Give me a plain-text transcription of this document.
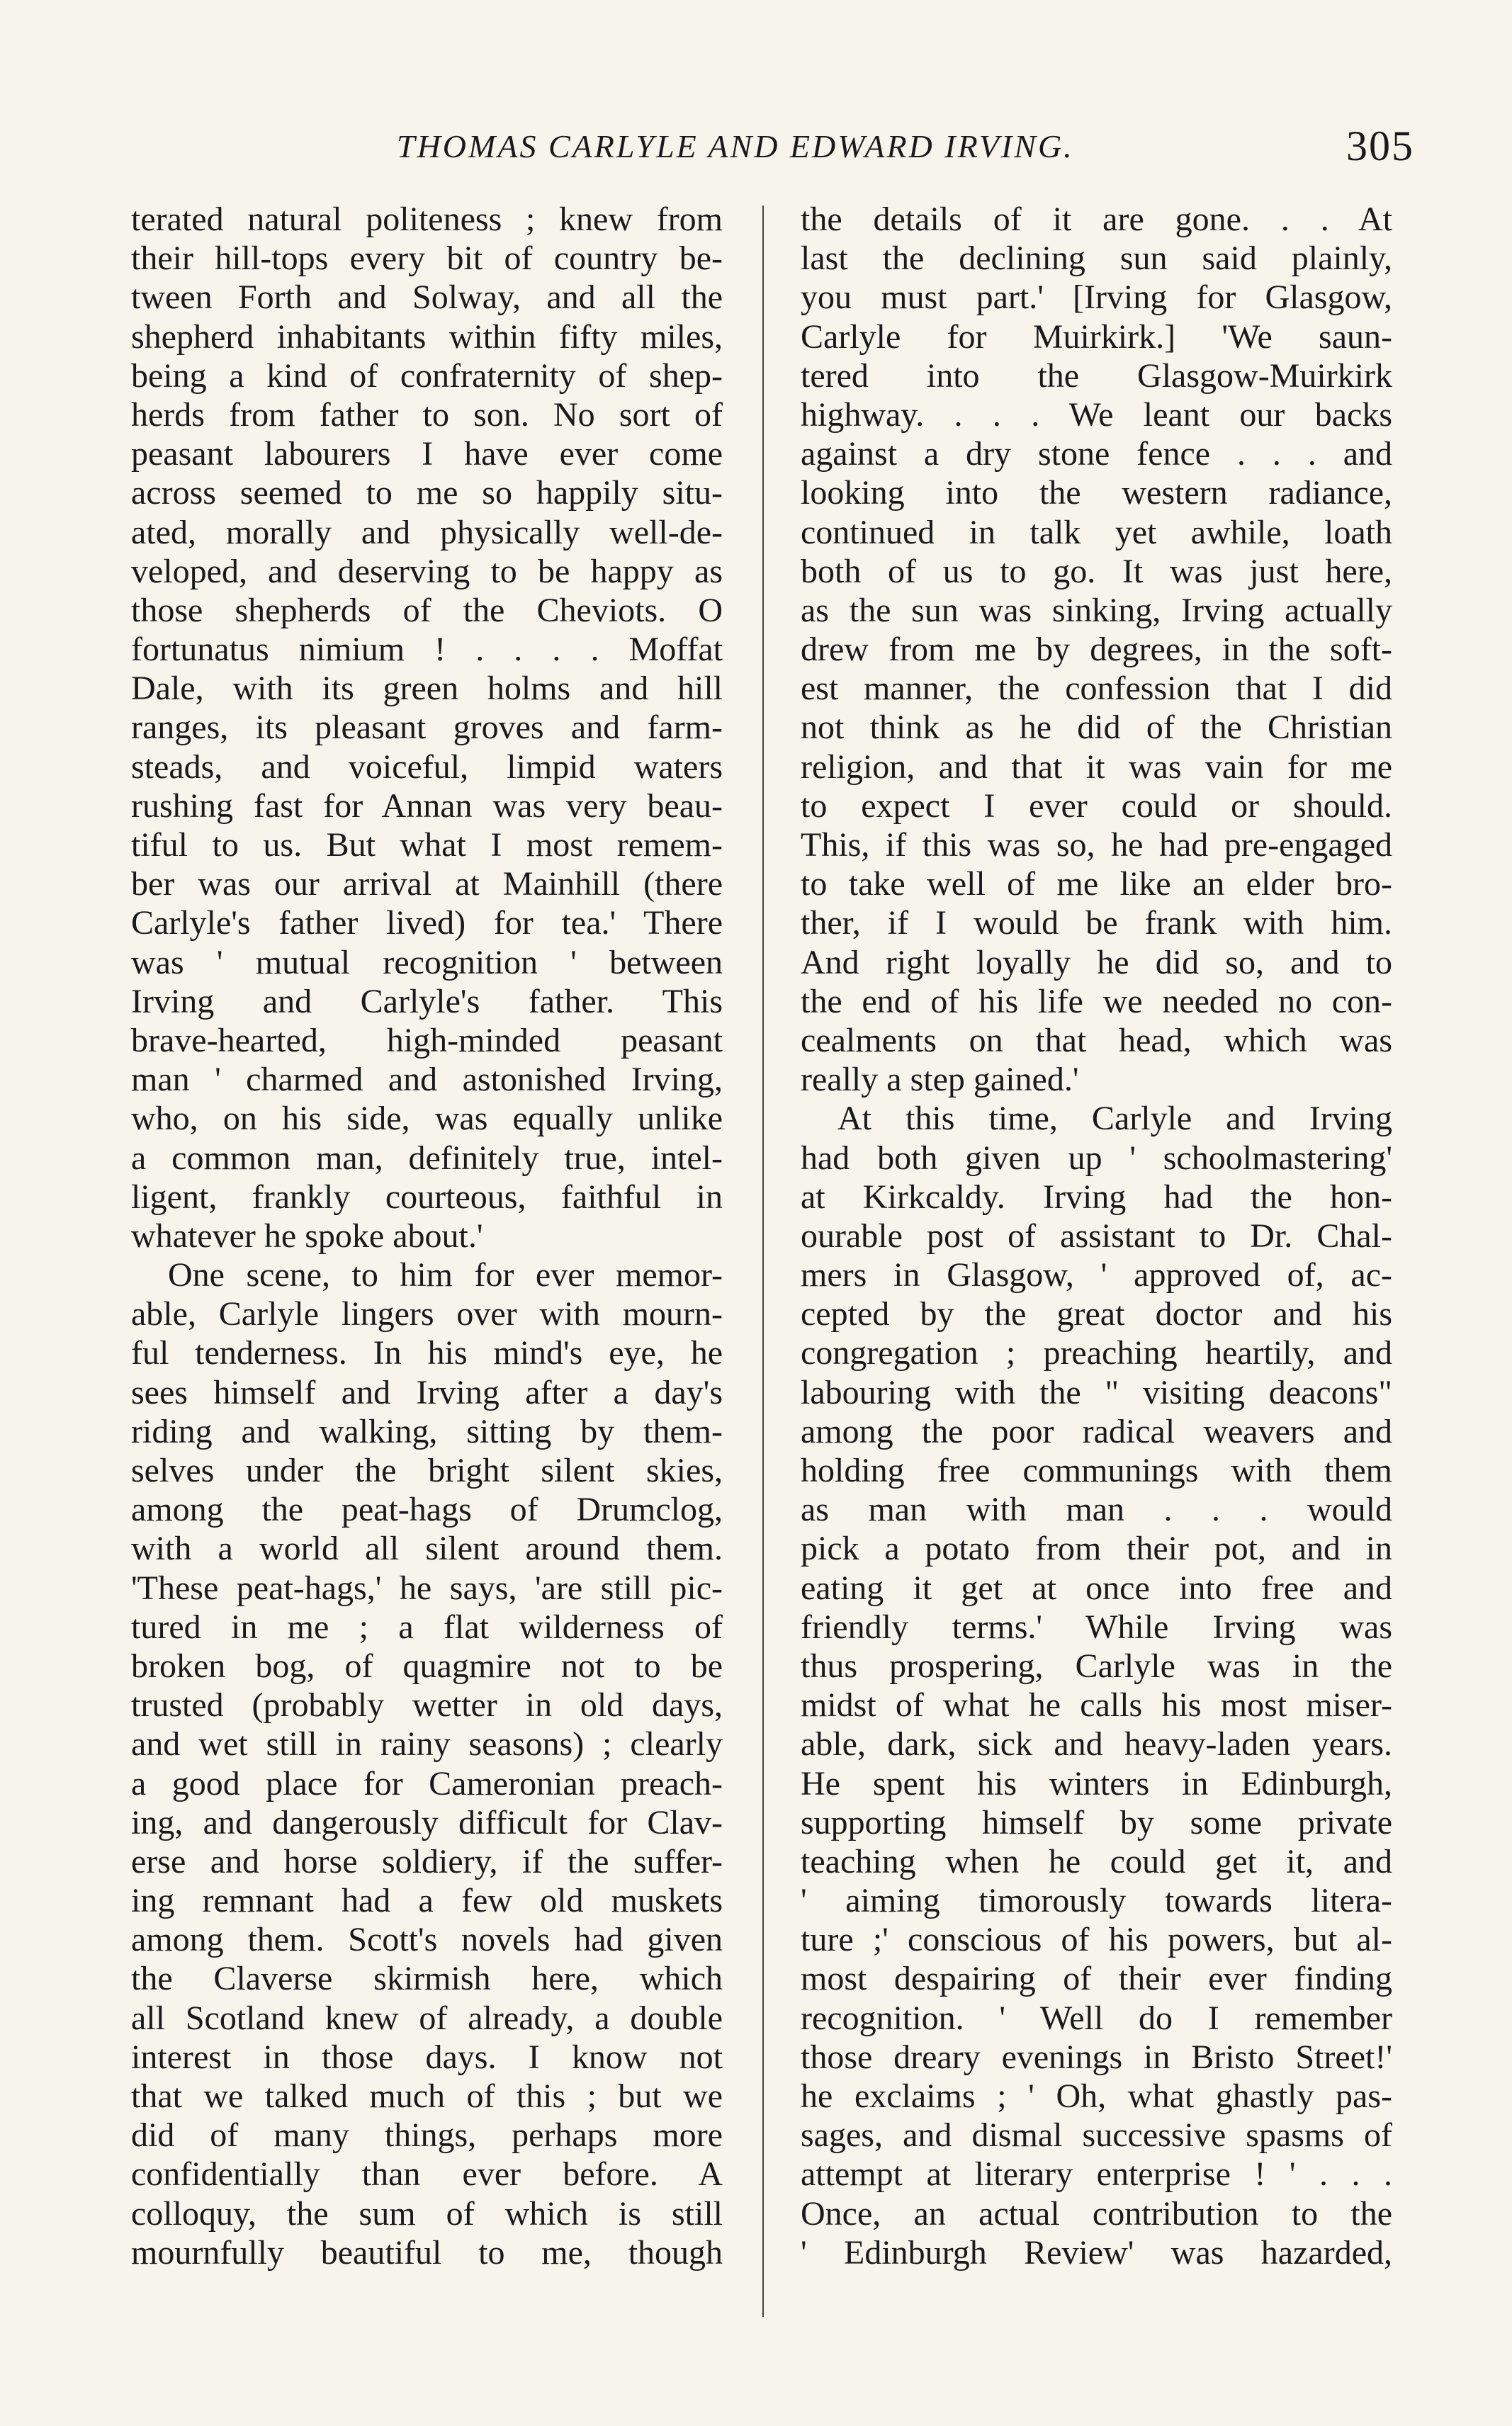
THOMAS CARLYLE AND EDWARD IRVING.	305
terated natural politeness ; knew from
their hill-tops every bit of country be-
tween Forth and Solway, and all the
shepherd inhabitants within fifty miles,
being a kind of confraternity of shep-
herds from father to son. No sort of
peasant labourers I have ever come
across seemed to me so happily situ-
ated, morally and physically well-de-
veloped, and deserving to be happy as
those shepherds of the Cheviots. O
fortunatus nimium ! . . . . Moffat
Dale, with its green holms and hill
ranges, its pleasant groves and farm-
steads, and voiceful, limpid waters
rushing fast for Annan was very beau-
tiful to us. But what I most remem-
ber was our arrival at Mainhill (there
Carlyle's father lived) for tea.' There
was ' mutual recognition ' between
Irving and Carlyle's father. This
brave-hearted, high-minded peasant
man ' charmed and astonished Irving,
who, on his side, was equally unlike
a common man, definitely true, intel-
ligent, frankly courteous, faithful in
whatever he spoke about.'
One scene, to him for ever memor-
able, Carlyle lingers over with mourn-
ful tenderness. In his mind's eye, he
sees himself and Irving after a day's
riding and walking, sitting by them-
selves under the bright silent skies,
among the peat-hags of Drumclog,
with a world all silent around them.
'These peat-hags,' he says, 'are still pic-
tured in me ; a flat wilderness of
broken bog, of quagmire not to be
trusted (probably wetter in old days,
and wet still in rainy seasons) ; clearly
a good place for Cameronian preach-
ing, and dangerously difficult for Clav-
erse and horse soldiery, if the suffer-
ing remnant had a few old muskets
among them. Scott's novels had given
the Claverse skirmish here, which
all Scotland knew of already, a double
interest in those days. I know not
that we talked much of this ; but we
did of many things, perhaps more
confidentially than ever before. A
colloquy, the sum of which is still
mournfully beautiful to me, though
the details of it are gone. . . At
last the declining sun said plainly,
you must part.' [Irving for Glasgow,
Carlyle for Muirkirk.] 'We saun-
tered into the Glasgow-Muirkirk
highway. . . . We leant our backs
against a dry stone fence . . . and
looking into the western radiance,
continued in talk yet awhile, loath
both of us to go. It was just here,
as the sun was sinking, Irving actually
drew from me by degrees, in the soft-
est manner, the confession that I did
not think as he did of the Christian
religion, and that it was vain for me
to expect I ever could or should.
This, if this was so, he had pre-engaged
to take well of me like an elder bro-
ther, if I would be frank with him.
And right loyally he did so, and to
the end of his life we needed no con-
cealments on that head, which was
really a step gained.'
At this time, Carlyle and Irving
had both given up ' schoolmastering'
at Kirkcaldy. Irving had the hon-
ourable post of assistant to Dr. Chal-
mers in Glasgow, ' approved of, ac-
cepted by the great doctor and his
congregation ; preaching heartily, and
labouring with the " visiting deacons"
among the poor radical weavers and
holding free communings with them
as man with man . . . would
pick a potato from their pot, and in
eating it get at once into free and
friendly terms.' While Irving was
thus prospering, Carlyle was in the
midst of what he calls his most miser-
able, dark, sick and heavy-laden years.
He spent his winters in Edinburgh,
supporting himself by some private
teaching when he could get it, and
' aiming timorously towards litera-
ture ;' conscious of his powers, but al-
most despairing of their ever finding
recognition. ' Well do I remember
those dreary evenings in Bristo Street!'
he exclaims ; ' Oh, what ghastly pas-
sages, and dismal successive spasms of
attempt at literary enterprise ! ' . . .
Once, an actual contribution to the
' Edinburgh Review' was hazarded,
